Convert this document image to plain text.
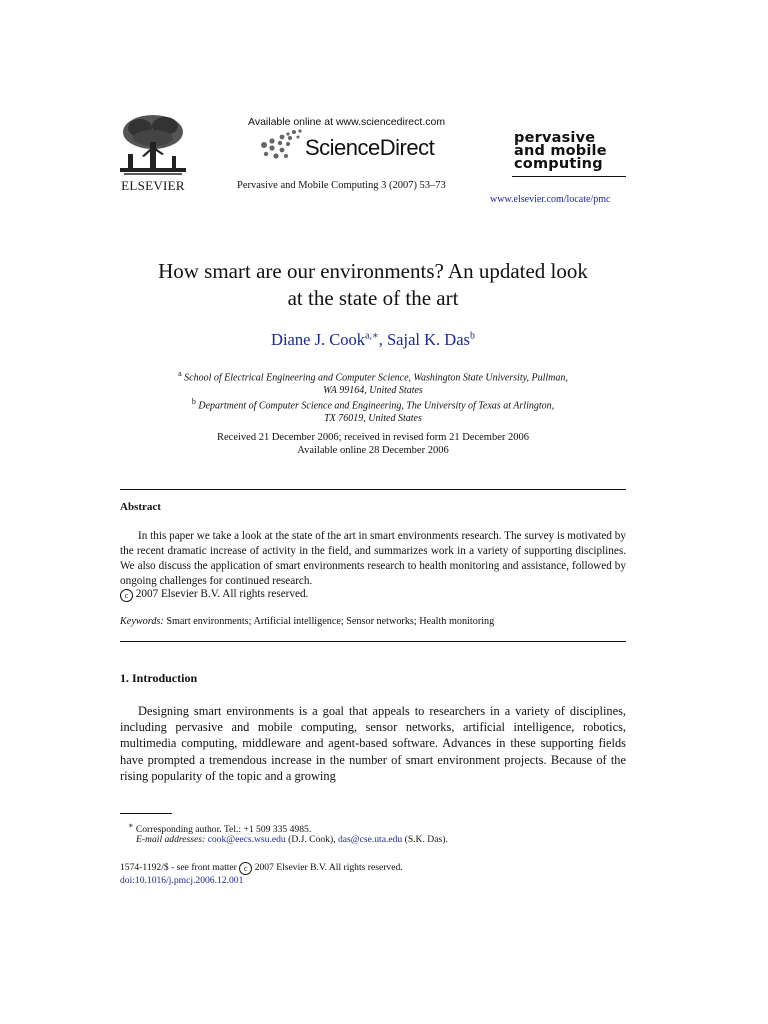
ELSEVIER
Available online at www.sciencedirect.com
ScienceDirect
Pervasive and Mobile Computing 3 (2007) 53–73
pervasive
and mobile
computing
www.elsevier.com/locate/pmc
How smart are our environments? An updated look
at the state of the art
Diane J. Cook$^{a,∗}$, Sajal K. Das$^b$
$^a$ School of Electrical Engineering and Computer Science, Washington State University, Pullman,
WA 99164, United States
$^b$ Department of Computer Science and Engineering, The University of Texas at Arlington,
TX 76019, United States
Received 21 December 2006; received in revised form 21 December 2006
Available online 28 December 2006
Abstract

In this paper we take a look at the state of the art in smart environments research. The survey is motivated by the recent dramatic increase of activity in the field, and summarizes work in a variety of supporting disciplines. We also discuss the application of smart environments research to health monitoring and assistance, followed by ongoing challenges for continued research.

c 2007 Elsevier B.V. All rights reserved.
Keywords: Smart environments; Artificial intelligence; Sensor networks; Health monitoring
1. Introduction
Designing smart environments is a goal that appeals to researchers in a variety of disciplines, including pervasive and mobile computing, sensor networks, artificial intelligence, robotics, multimedia computing, middleware and agent-based software. Advances in these supporting fields have prompted a tremendous increase in the number of smart environment projects. Because of the rising popularity of the topic and a growing
∗ Corresponding author. Tel.: +1 509 335 4985.
E-mail addresses: cook@eecs.wsu.edu (D.J. Cook), das@cse.uta.edu (S.K. Das).
1574-1192/$ - see front matter c 2007 Elsevier B.V. All rights reserved.
doi:10.1016/j.pmcj.2006.12.001
